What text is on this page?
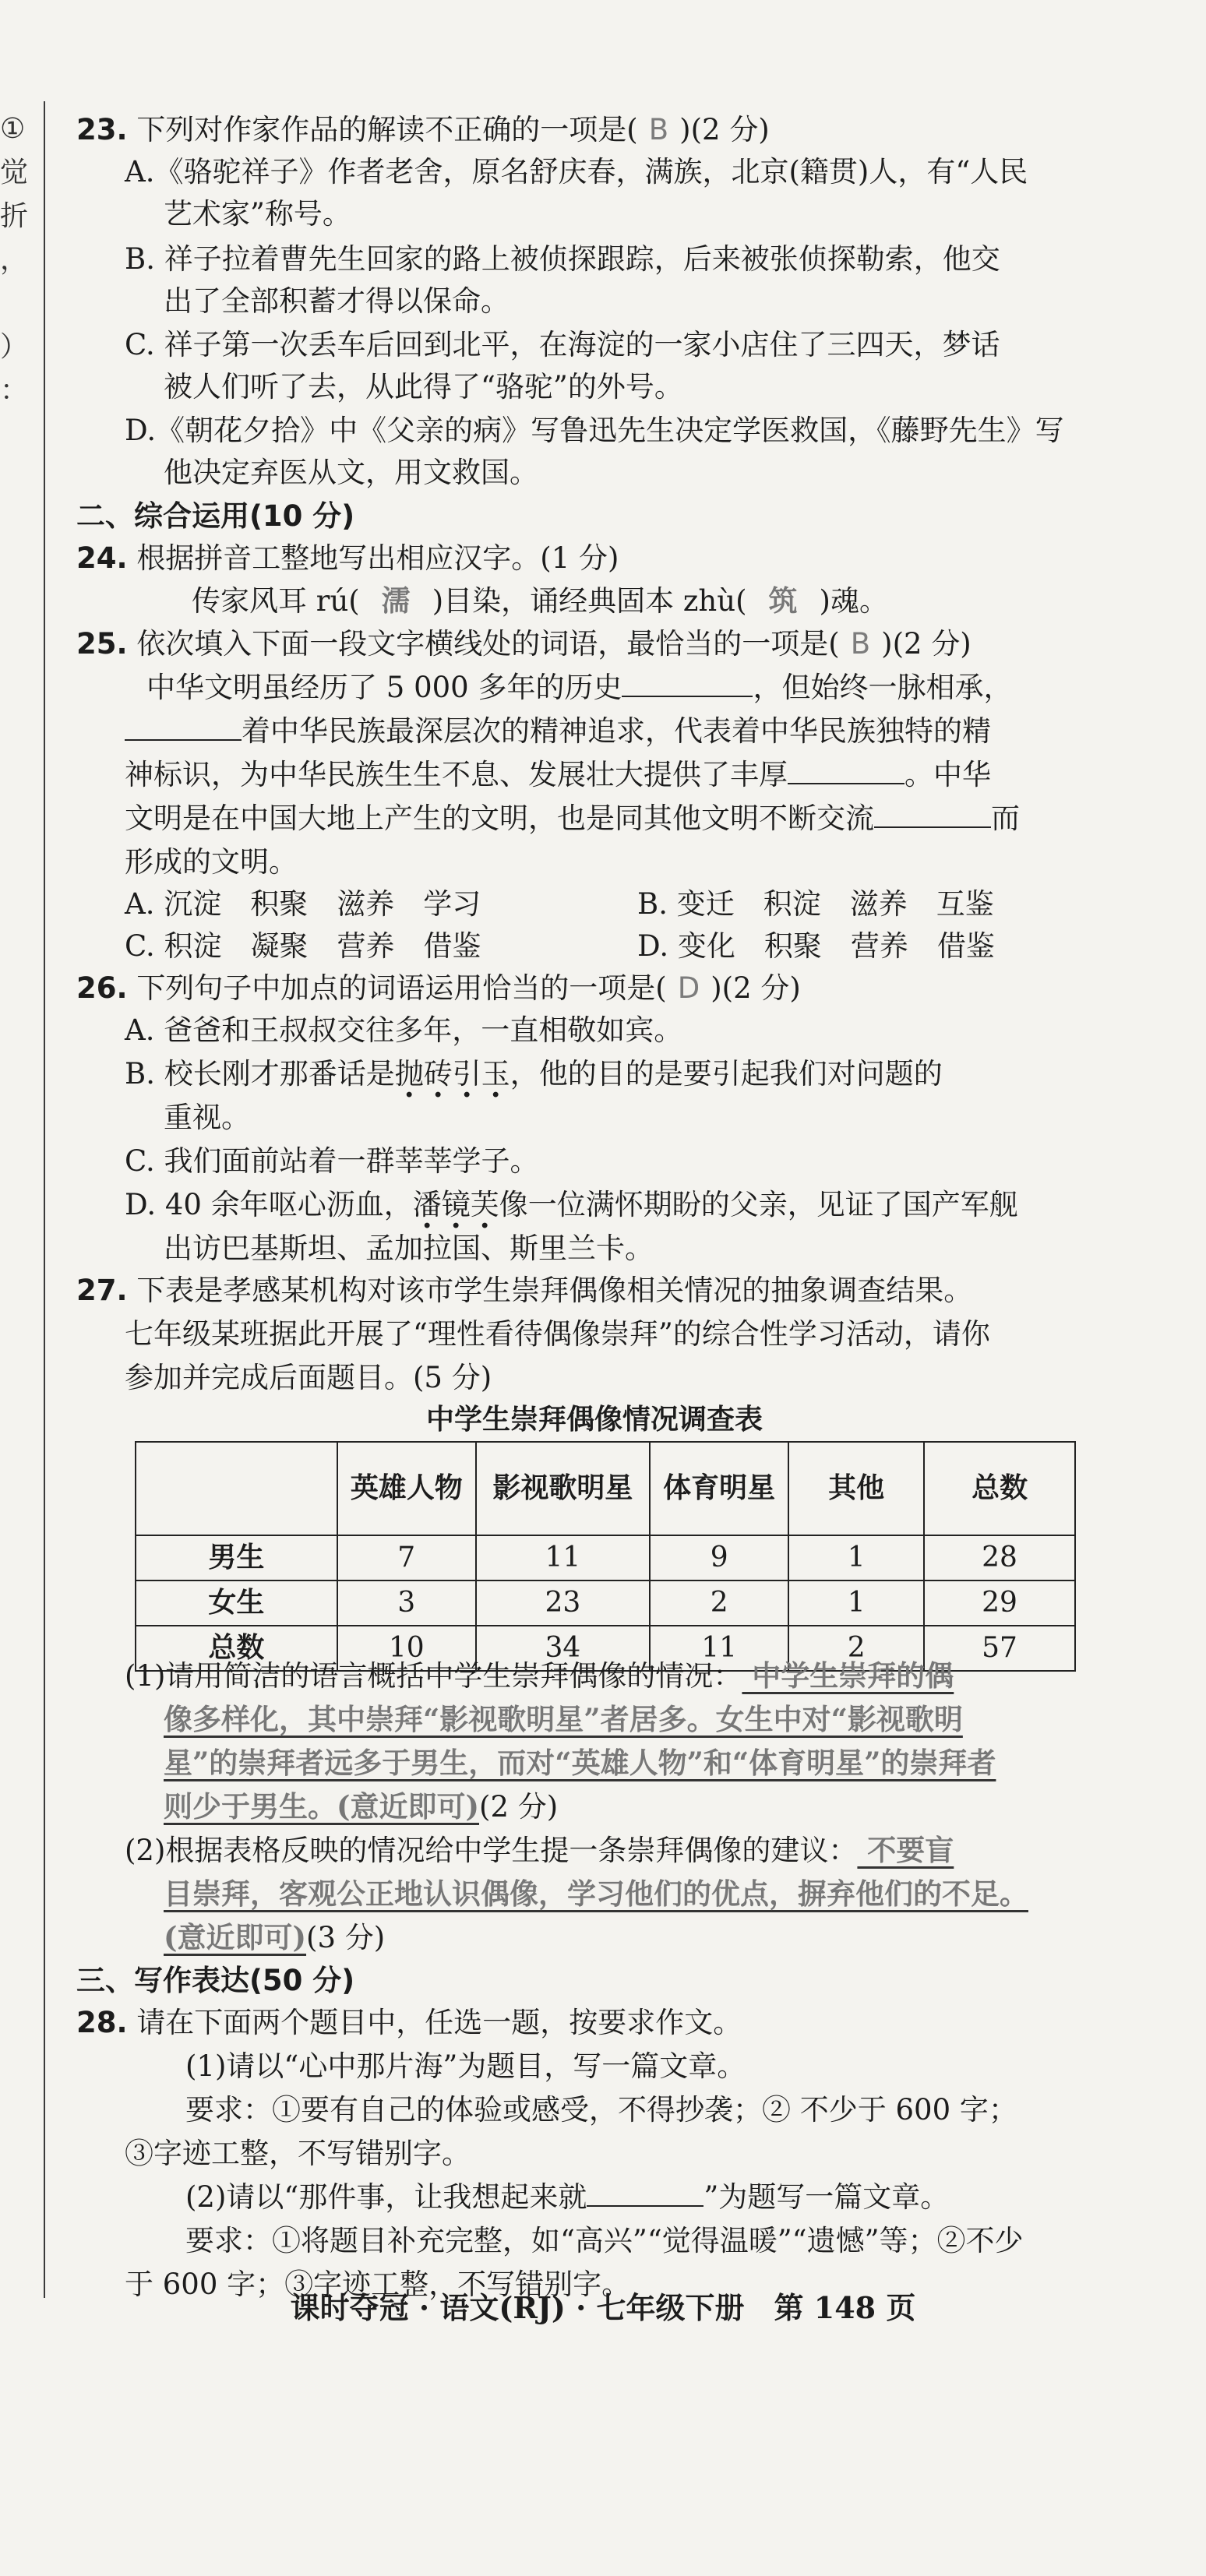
①
觉
折
，

）
：
23. 下列对作家作品的解读不正确的一项是( B )(2 分)
A.《骆驼祥子》作者老舍，原名舒庆春，满族，北京(籍贯)人，有“人民
艺术家”称号。
B. 祥子拉着曹先生回家的路上被侦探跟踪，后来被张侦探勒索，他交
出了全部积蓄才得以保命。
C. 祥子第一次丢车后回到北平，在海淀的一家小店住了三四天，梦话
被人们听了去，从此得了“骆驼”的外号。
D.《朝花夕拾》中《父亲的病》写鲁迅先生决定学医救国，《藤野先生》写
他决定弃医从文，用文救国。
二、综合运用(10 分)
24. 根据拼音工整地写出相应汉字。(1 分)
传家风耳 rú( 濡 )目染，诵经典固本 zhù( 筑 )魂。
25. 依次填入下面一段文字横线处的词语，最恰当的一项是( B )(2 分)
中华文明虽经历了 5 000 多年的历史	，但始终一脉相承，
着中华民族最深层次的精神追求，代表着中华民族独特的精
神标识，为中华民族生生不息、发展壮大提供了丰厚	。中华
文明是在中国大地上产生的文明，也是同其他文明不断交流	而
形成的文明。
A. 沉淀　积聚　滋养　学习	B. 变迁　积淀　滋养　互鉴
C. 积淀　凝聚　营养　借鉴	D. 变化　积聚　营养　借鉴
26. 下列句子中加点的词语运用恰当的一项是( D )(2 分)
A. 爸爸和王叔叔交往多年，一直相敬如宾。
B. 校长刚才那番话是抛砖引玉，他的目的是要引起我们对问题的
重视。
C. 我们面前站着一群莘莘学子。
D. 40 余年呕心沥血，潘镜芙像一位满怀期盼的父亲，见证了国产军舰
出访巴基斯坦、孟加拉国、斯里兰卡。
27. 下表是孝感某机构对该市学生崇拜偶像相关情况的抽象调查结果。
七年级某班据此开展了“理性看待偶像崇拜”的综合性学习活动，请你
参加并完成后面题目。(5 分)
中学生崇拜偶像情况调查表
	英雄人物	影视歌明星	体育明星	其他	总数
男生	7	11	9	1	28
女生	3	23	2	1	29
总数	10	34	11	2	57
(1)请用简洁的语言概括中学生崇拜偶像的情况： 中学生崇拜的偶
像多样化，其中崇拜“影视歌明星”者居多。女生中对“影视歌明
星”的崇拜者远多于男生，而对“英雄人物”和“体育明星”的崇拜者
则少于男生。(意近即可)(2 分)
(2)根据表格反映的情况给中学生提一条崇拜偶像的建议： 不要盲
目崇拜，客观公正地认识偶像，学习他们的优点，摒弃他们的不足。
(意近即可)(3 分)
三、写作表达(50 分)
28. 请在下面两个题目中，任选一题，按要求作文。
(1)请以“心中那片海”为题目，写一篇文章。
要求：①要有自己的体验或感受，不得抄袭；② 不少于 600 字；
③字迹工整，不写错别字。
(2)请以“那件事，让我想起来就	”为题写一篇文章。
要求：①将题目补充完整，如“高兴”“觉得温暖”“遗憾”等；②不少
于 600 字；③字迹工整，不写错别字。
课时夺冠 · 语文(RJ) · 七年级下册　第 148 页
